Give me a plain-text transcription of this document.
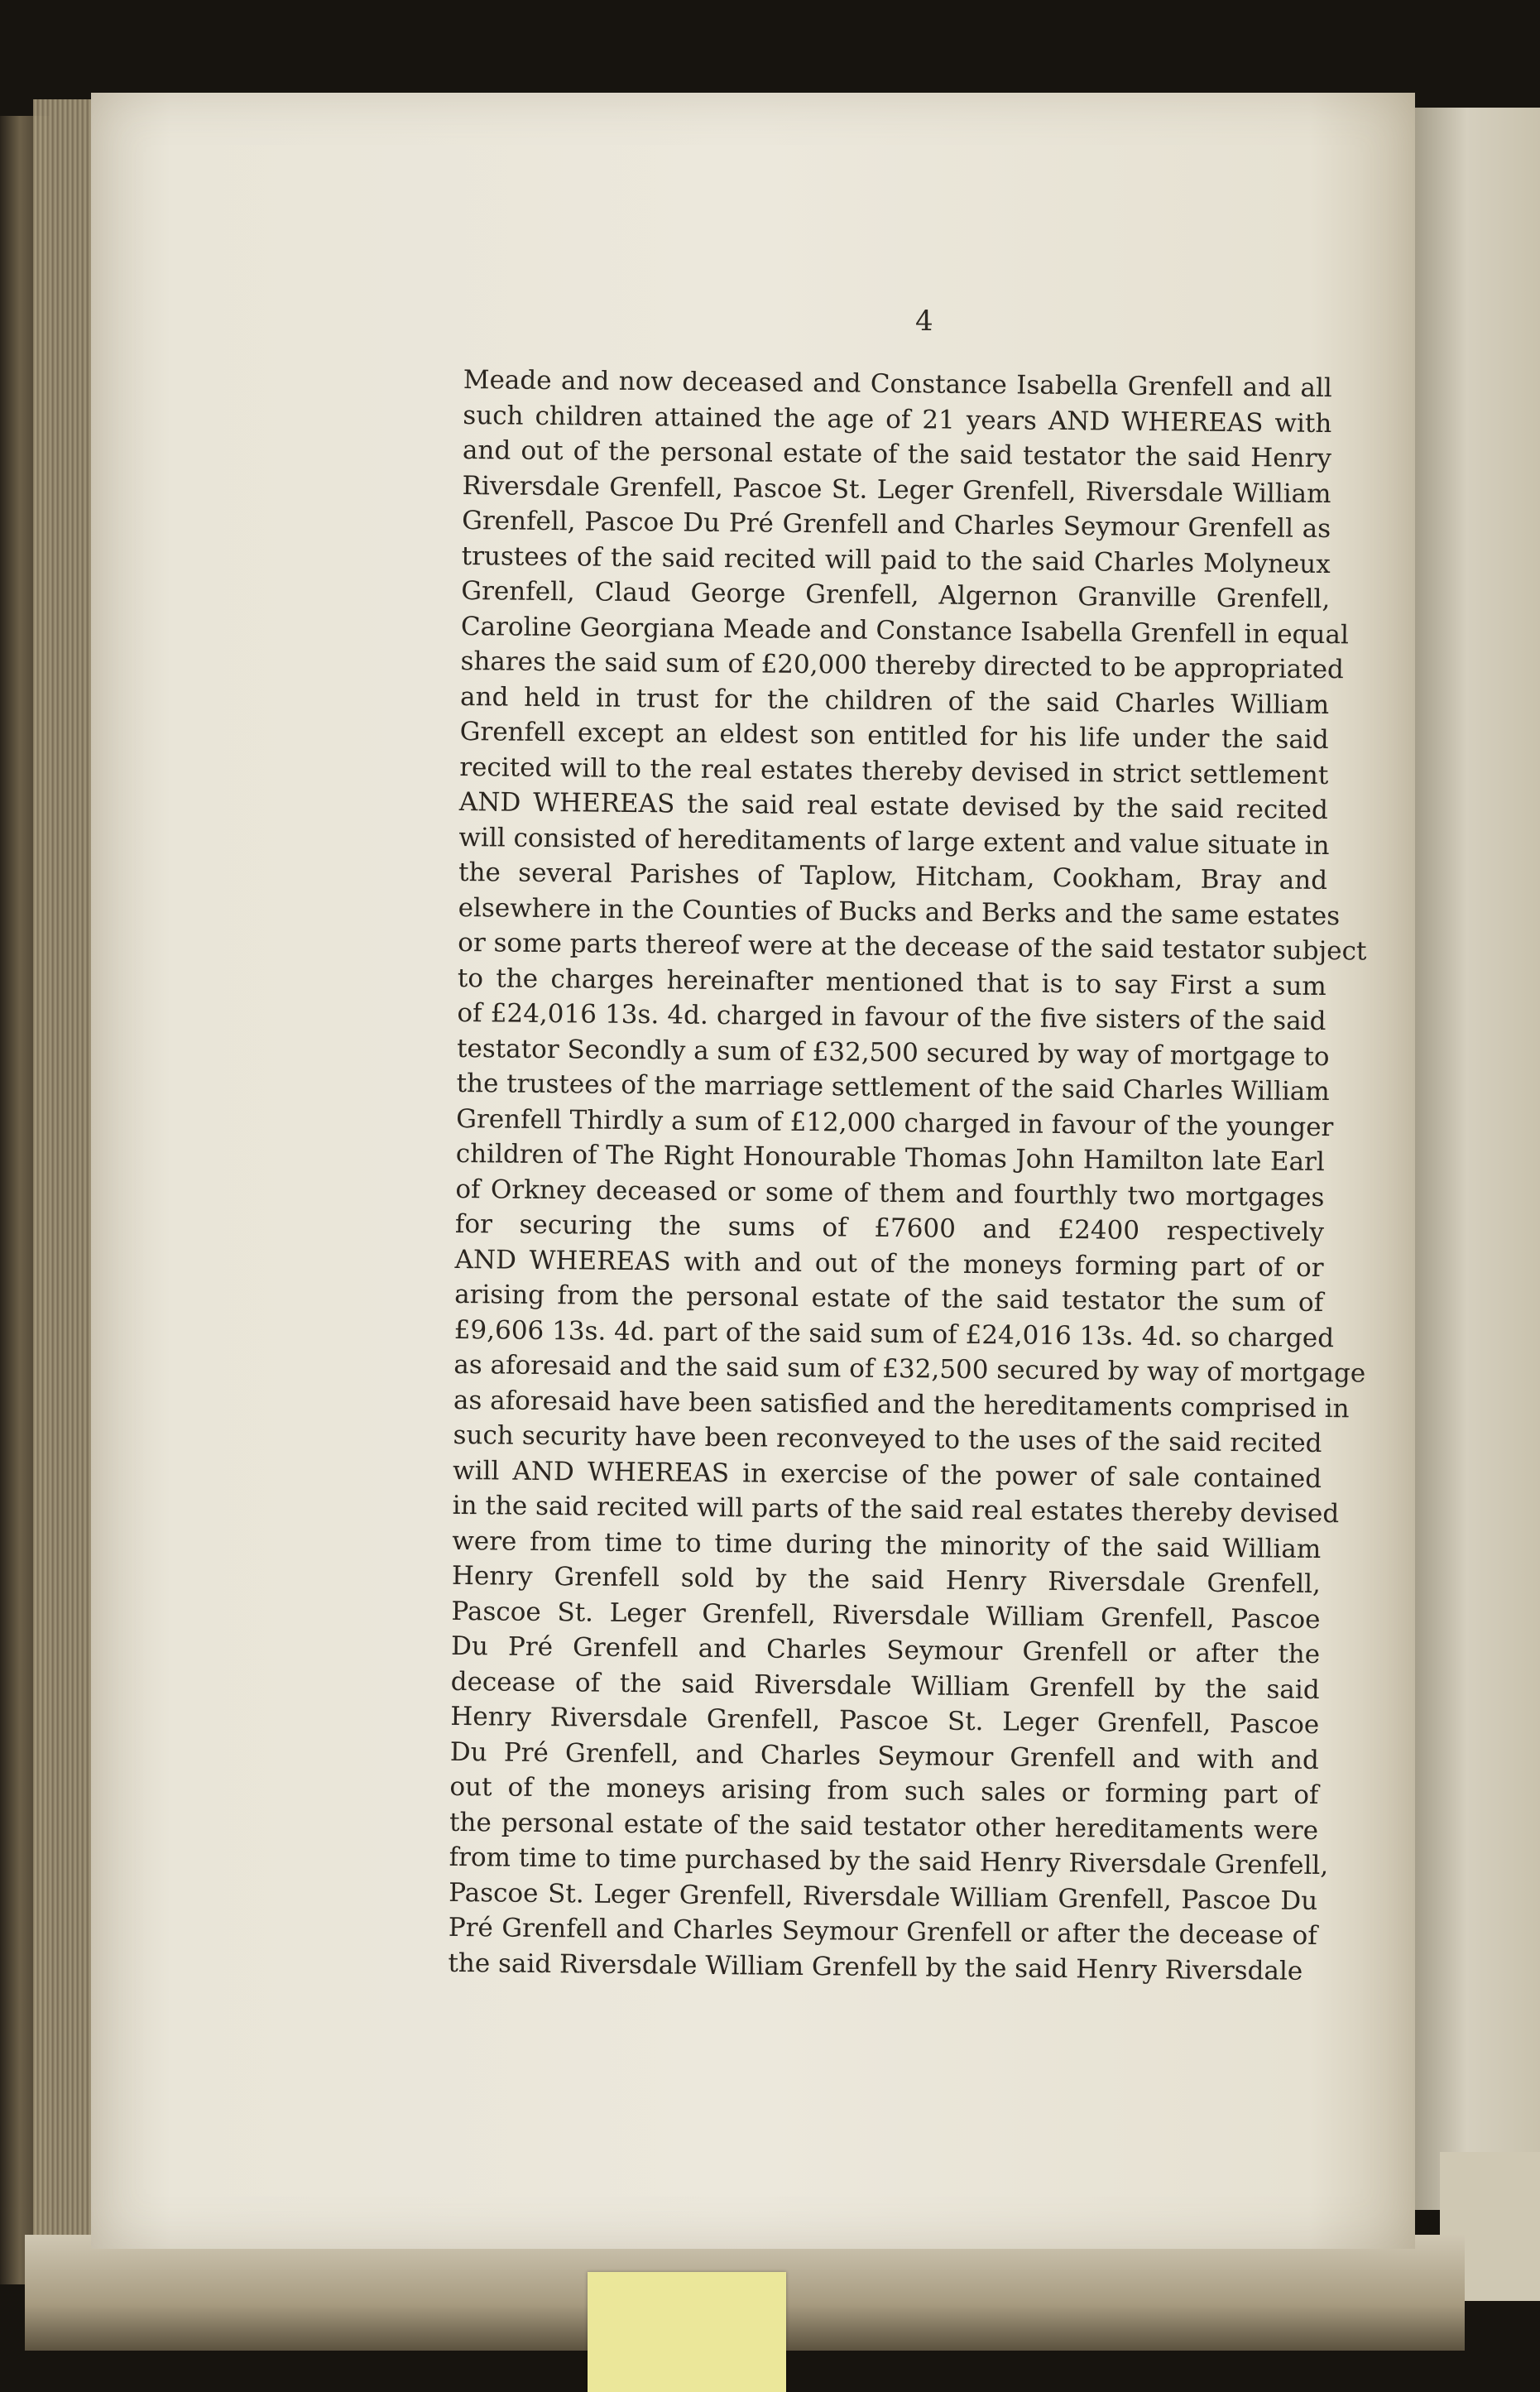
4
Meade and now deceased and Constance Isabella Grenfell and all
such children attained the age of 21 years AND WHEREAS with
and out of the personal estate of the said testator the said Henry
Riversdale Grenfell, Pascoe St. Leger Grenfell, Riversdale William
Grenfell, Pascoe Du Pré Grenfell and Charles Seymour Grenfell as
trustees of the said recited will paid to the said Charles Molyneux
Grenfell, Claud George Grenfell, Algernon Granville Grenfell,
Caroline Georgiana Meade and Constance Isabella Grenfell in equal
shares the said sum of £20,000 thereby directed to be appropriated
and held in trust for the children of the said Charles William
Grenfell except an eldest son entitled for his life under the said
recited will to the real estates thereby devised in strict settlement
AND WHEREAS the said real estate devised by the said recited
will consisted of hereditaments of large extent and value situate in
the several Parishes of Taplow, Hitcham, Cookham, Bray and
elsewhere in the Counties of Bucks and Berks and the same estates
or some parts thereof were at the decease of the said testator subject
to the charges hereinafter mentioned that is to say First a sum
of £24,016 13s. 4d. charged in favour of the five sisters of the said
testator Secondly a sum of £32,500 secured by way of mortgage to
the trustees of the marriage settlement of the said Charles William
Grenfell Thirdly a sum of £12,000 charged in favour of the younger
children of The Right Honourable Thomas John Hamilton late Earl
of Orkney deceased or some of them and fourthly two mortgages
for securing the sums of £7600 and £2400 respectively
AND WHEREAS with and out of the moneys forming part of or
arising from the personal estate of the said testator the sum of
£9,606 13s. 4d. part of the said sum of £24,016 13s. 4d. so charged
as aforesaid and the said sum of £32,500 secured by way of mortgage
as aforesaid have been satisfied and the hereditaments comprised in
such security have been reconveyed to the uses of the said recited
will AND WHEREAS in exercise of the power of sale contained
in the said recited will parts of the said real estates thereby devised
were from time to time during the minority of the said William
Henry Grenfell sold by the said Henry Riversdale Grenfell,
Pascoe St. Leger Grenfell, Riversdale William Grenfell, Pascoe
Du Pré Grenfell and Charles Seymour Grenfell or after the
decease of the said Riversdale William Grenfell by the said
Henry Riversdale Grenfell, Pascoe St. Leger Grenfell, Pascoe
Du Pré Grenfell, and Charles Seymour Grenfell and with and
out of the moneys arising from such sales or forming part of
the personal estate of the said testator other hereditaments were
from time to time purchased by the said Henry Riversdale Grenfell,
Pascoe St. Leger Grenfell, Riversdale William Grenfell, Pascoe Du
Pré Grenfell and Charles Seymour Grenfell or after the decease of
the said Riversdale William Grenfell by the said Henry Riversdale
